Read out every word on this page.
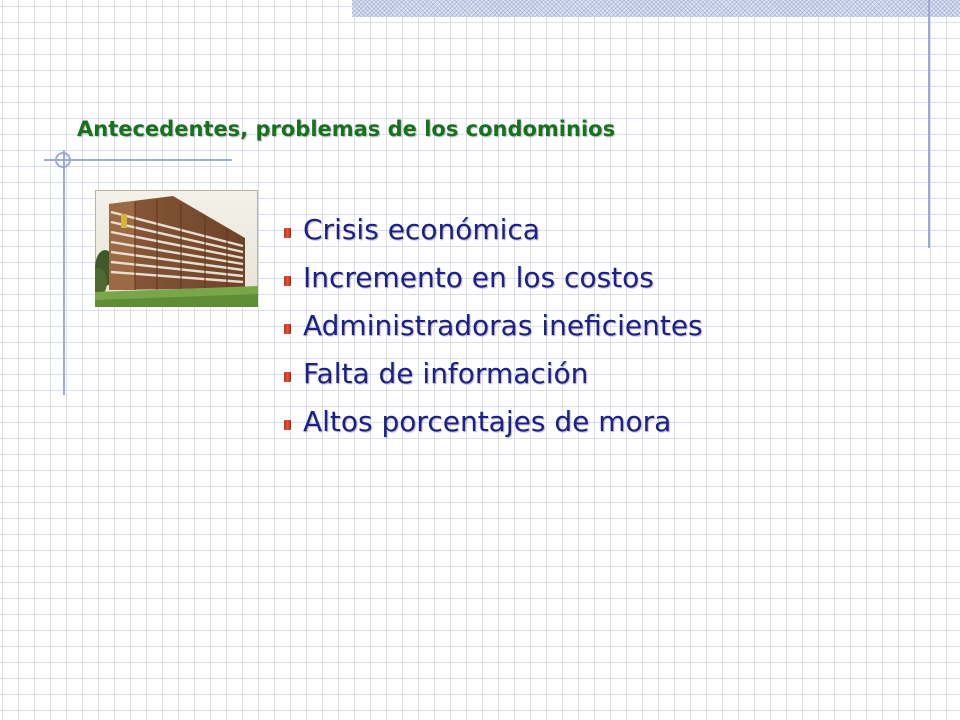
Antecedentes, problemas de los condominios
Crisis económica
Incremento en los costos
Administradoras ineficientes
Falta de información
Altos porcentajes de mora
